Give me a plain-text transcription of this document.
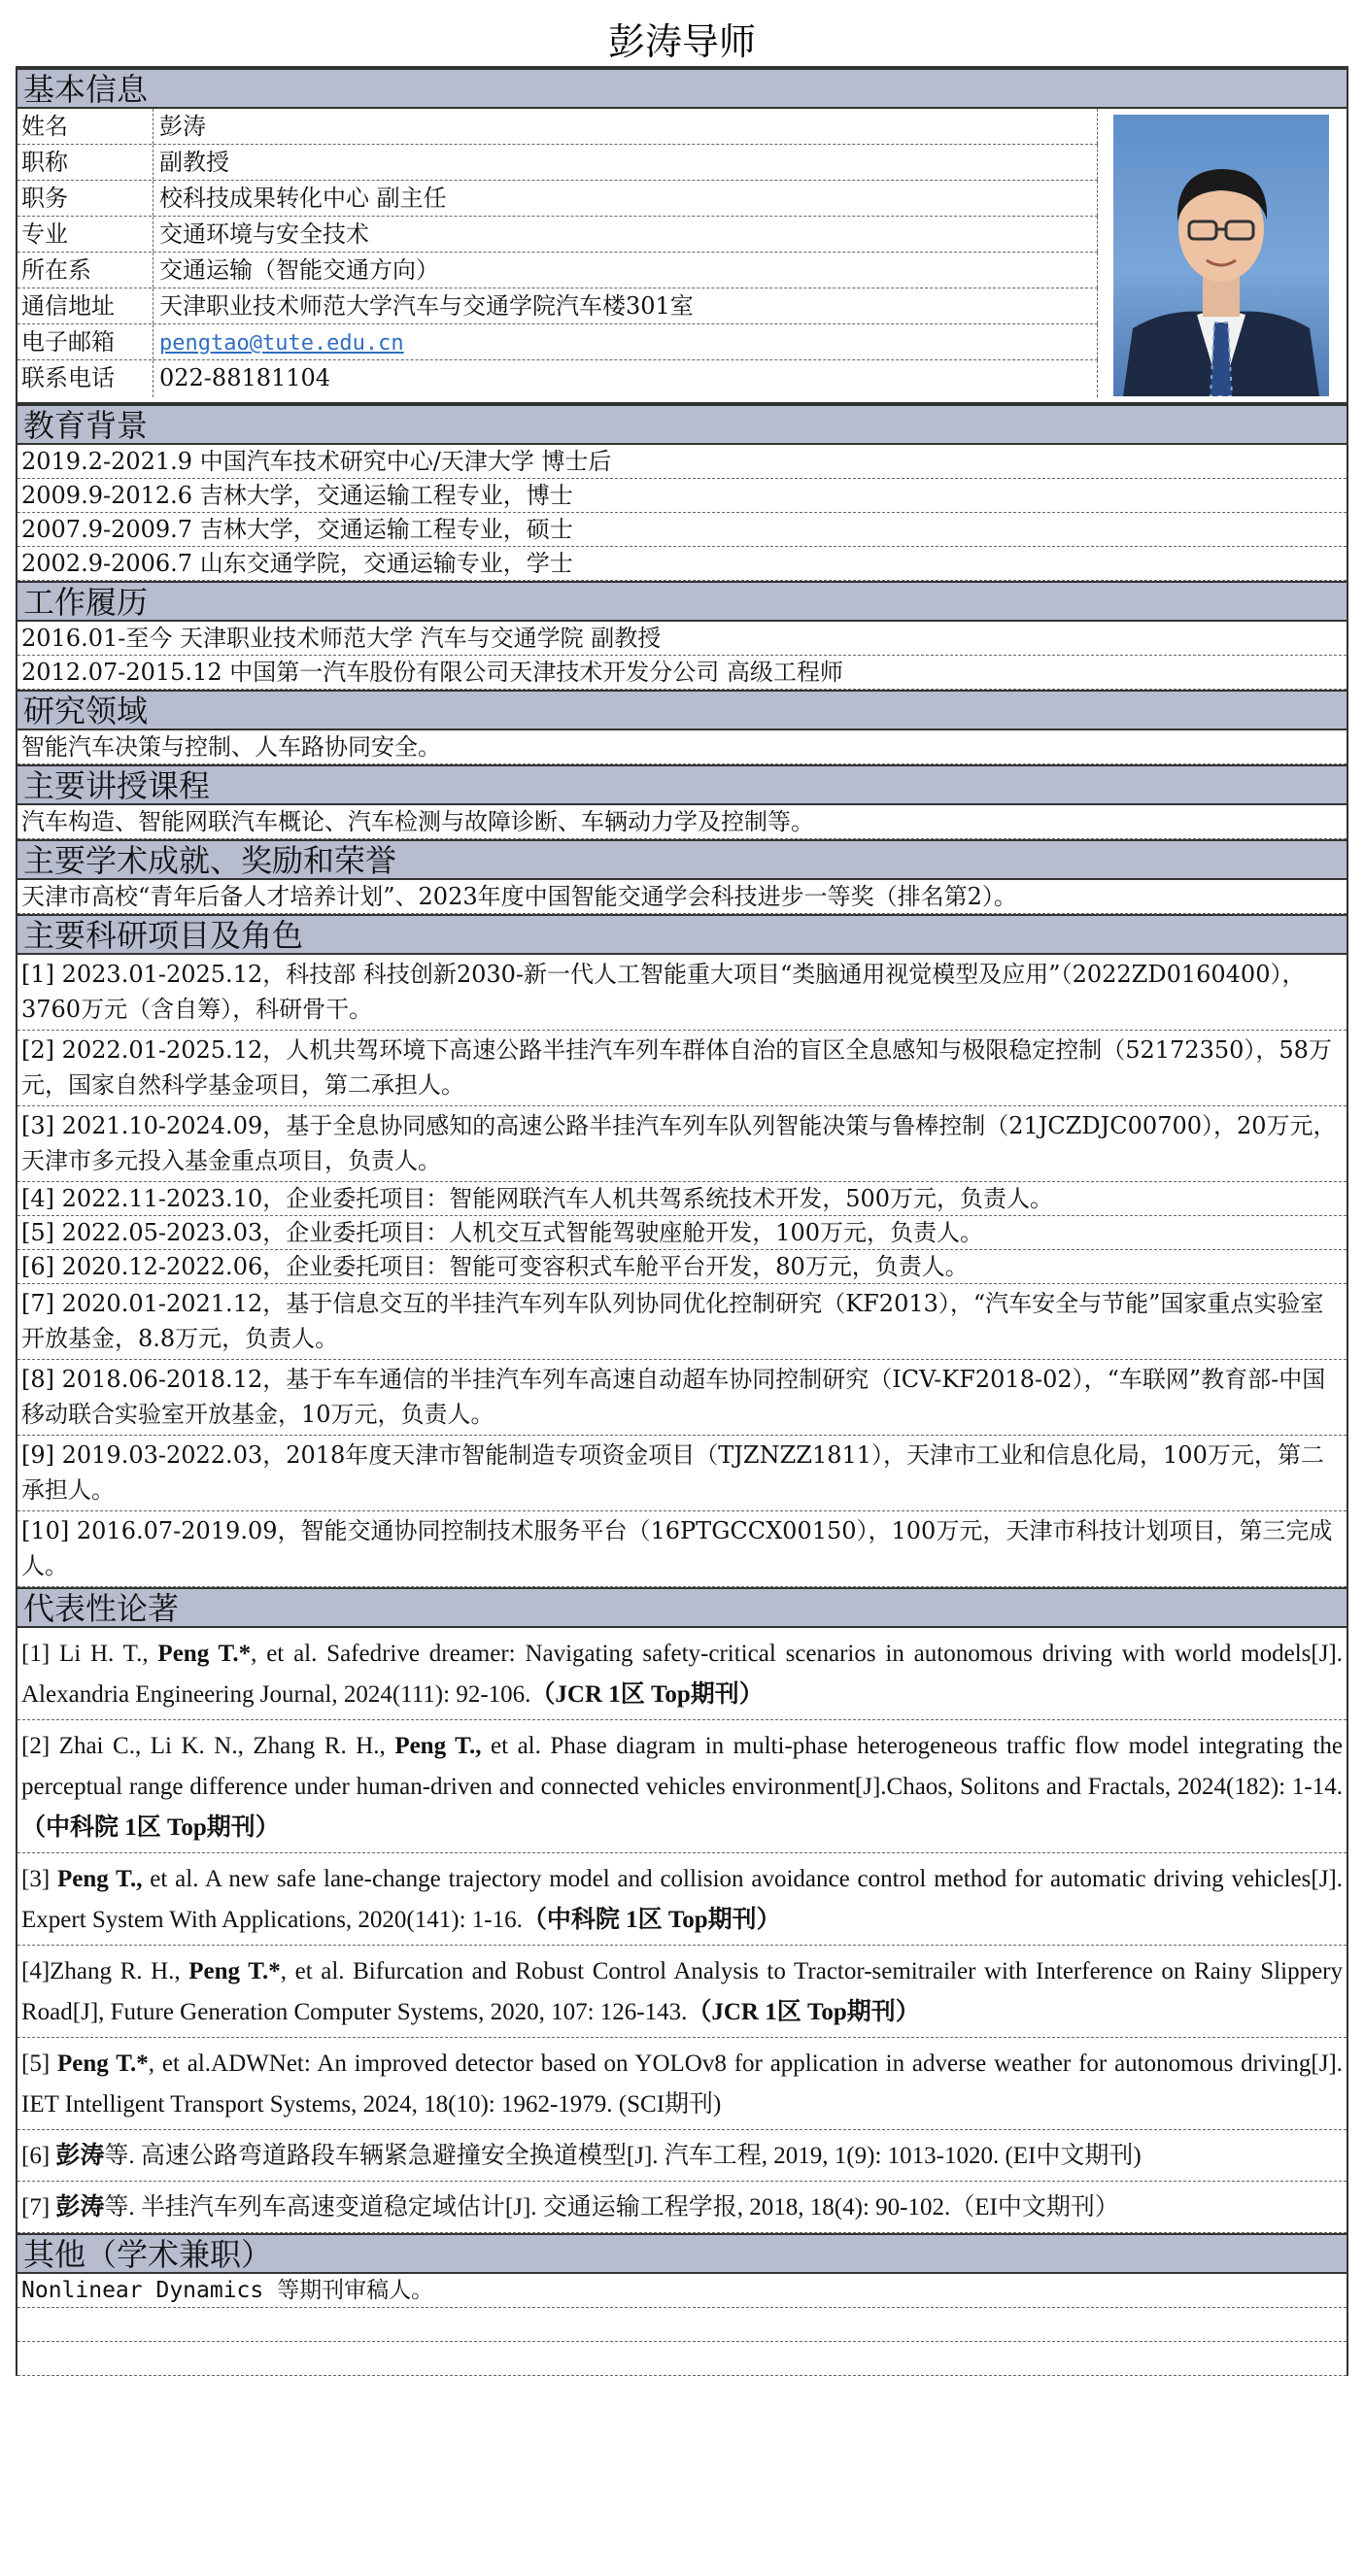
彭涛导师
基本信息
姓名	彭涛
职称	副教授
职务	校科技成果转化中心 副主任
专业	交通环境与安全技术
所在系	交通运输（智能交通方向）
通信地址	天津职业技术师范大学汽车与交通学院汽车楼301室
电子邮箱	pengtao@tute.edu.cn
联系电话	022-88181104
教育背景
2019.2-2021.9 中国汽车技术研究中心/天津大学 博士后
2009.9-2012.6 吉林大学，交通运输工程专业，博士
2007.9-2009.7 吉林大学，交通运输工程专业，硕士
2002.9-2006.7 山东交通学院，交通运输专业，学士
工作履历
2016.01-至今 天津职业技术师范大学 汽车与交通学院 副教授
2012.07-2015.12 中国第一汽车股份有限公司天津技术开发分公司 高级工程师
研究领域
智能汽车决策与控制、人车路协同安全。
主要讲授课程
汽车构造、智能网联汽车概论、汽车检测与故障诊断、车辆动力学及控制等。
主要学术成就、奖励和荣誉
天津市高校“青年后备人才培养计划”、2023年度中国智能交通学会科技进步一等奖（排名第2）。
主要科研项目及角色
[1] 2023.01-2025.12，科技部 科技创新2030-新一代人工智能重大项目“类脑通用视觉模型及应用”（2022ZD0160400），3760万元（含自筹），科研骨干。
[2] 2022.01-2025.12，人机共驾环境下高速公路半挂汽车列车群体自治的盲区全息感知与极限稳定控制（52172350），58万元，国家自然科学基金项目，第二承担人。
[3] 2021.10-2024.09，基于全息协同感知的高速公路半挂汽车列车队列智能决策与鲁棒控制（21JCZDJC00700），20万元，天津市多元投入基金重点项目，负责人。
[4] 2022.11-2023.10，企业委托项目：智能网联汽车人机共驾系统技术开发，500万元，负责人。
[5] 2022.05-2023.03，企业委托项目：人机交互式智能驾驶座舱开发，100万元，负责人。
[6] 2020.12-2022.06，企业委托项目：智能可变容积式车舱平台开发，80万元，负责人。
[7] 2020.01-2021.12，基于信息交互的半挂汽车列车队列协同优化控制研究（KF2013），“汽车安全与节能”国家重点实验室开放基金，8.8万元，负责人。
[8] 2018.06-2018.12，基于车车通信的半挂汽车列车高速自动超车协同控制研究（ICV-KF2018-02），“车联网”教育部-中国移动联合实验室开放基金，10万元，负责人。
[9] 2019.03-2022.03，2018年度天津市智能制造专项资金项目（TJZNZZ1811），天津市工业和信息化局，100万元，第二承担人。
[10] 2016.07-2019.09，智能交通协同控制技术服务平台（16PTGCCX00150），100万元，天津市科技计划项目，第三完成人。
代表性论著
[1] Li H. T., Peng T.*, et al. Safedrive dreamer: Navigating safety-critical scenarios in autonomous driving with world models[J]. Alexandria Engineering Journal, 2024(111): 92-106.（JCR 1区 Top期刊）
[2] Zhai C., Li K. N., Zhang R. H., Peng T., et al. Phase diagram in multi-phase heterogeneous traffic flow model integrating the perceptual range difference under human-driven and connected vehicles environment[J].Chaos, Solitons and Fractals, 2024(182): 1-14.（中科院 1区 Top期刊）
[3] Peng T., et al. A new safe lane-change trajectory model and collision avoidance control method for automatic driving vehicles[J]. Expert System With Applications, 2020(141): 1-16.（中科院 1区 Top期刊）
[4]Zhang R. H., Peng T.*, et al. Bifurcation and Robust Control Analysis to Tractor-semitrailer with Interference on Rainy Slippery Road[J], Future Generation Computer Systems, 2020, 107: 126-143.（JCR 1区 Top期刊）
[5] Peng T.*, et al.ADWNet: An improved detector based on YOLOv8 for application in adverse weather for autonomous driving[J]. IET Intelligent Transport Systems, 2024, 18(10): 1962-1979. (SCI期刊)
[6] 彭涛等. 高速公路弯道路段车辆紧急避撞安全换道模型[J]. 汽车工程, 2019, 1(9): 1013-1020. (EI中文期刊)
[7] 彭涛等. 半挂汽车列车高速变道稳定域估计[J]. 交通运输工程学报, 2018, 18(4): 90-102.（EI中文期刊）
其他（学术兼职）
Nonlinear Dynamics 等期刊审稿人。
